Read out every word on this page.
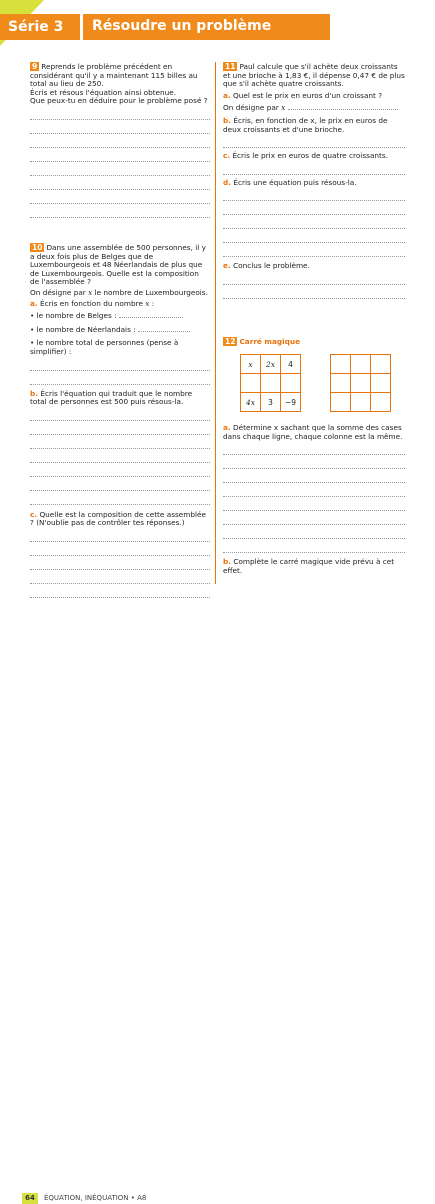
Série 3 Résoudre un problème

9 Reprends le problème précédent en considérant qu'il y a maintenant 115 billes au total au lieu de 250.

Écris et résous l'équation ainsi obtenue.

Que peux-tu en déduire pour le problème posé ?

10 Dans une assemblée de 500 personnes, il y a deux fois plus de Belges que de Luxembourgeois et 48 Néerlandais de plus que de Luxembourgeois. Quelle est la composition de l'assemblée ?

On désigne par x le nombre de Luxembourgeois.

a. Écris en fonction du nombre x :

• le nombre de Belges :

• le nombre de Néerlandais :

• le nombre total de personnes (pense à simplifier) :

b. Écris l'équation qui traduit que le nombre total de personnes est 500 puis résous-la.

c. Quelle est la composition de cette assemblée ? (N'oublie pas de contrôler tes réponses.)

11 Paul calcule que s'il achète deux croissants et une brioche à 1,83 €, il dépense 0,47 € de plus que s'il achète quatre croissants.

a. Quel est le prix en euros d'un croissant ?

On désigne par x

b. Écris, en fonction de x, le prix en euros de deux croissants et d'une brioche.

c. Écris le prix en euros de quatre croissants.

d. Écris une équation puis résous-la.

e. Conclus le problème.

12 Carré magique

x	2x	4

4x	3	−9

a. Détermine x sachant que la somme des cases dans chaque ligne, chaque colonne est la même.

b. Complète le carré magique vide prévu à cet effet.

64	ÉQUATION, INÉQUATION • A8
